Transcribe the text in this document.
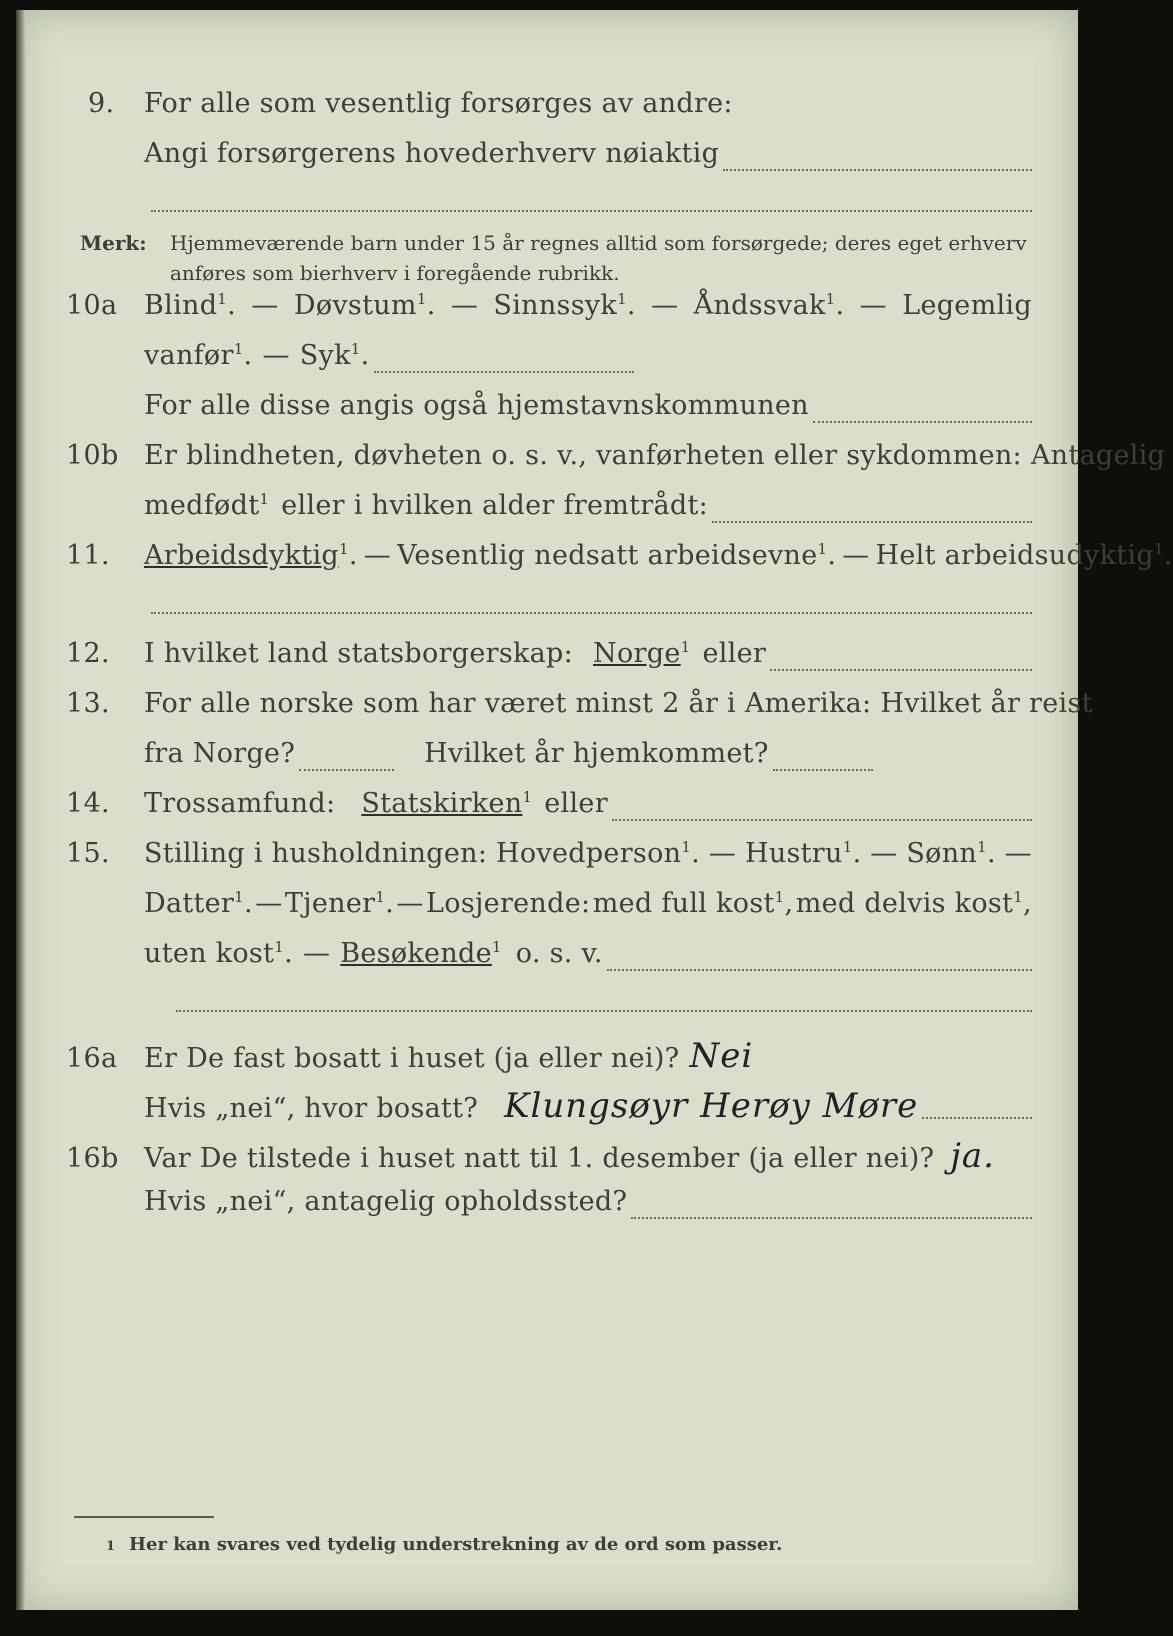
9.	For alle som vesentlig forsørges av andre:
Angi forsørgerens hovederhverv nøiaktig
Merk: Hjemmeværende barn under 15 år regnes alltid som forsørgede; deres eget erhverv
anføres som bierhverv i foregående rubrikk.
10a Blind$^1$. — Døvstum$^1$. — Sinnssyk$^1$. — Åndssvak$^1$. — Legemlig
vanfør$^1$. — Syk$^1$.
For alle disse angis også hjemstavnskommunen
10b Er blindheten, døvheten o. s. v., vanførheten eller sykdommen: Antagelig
medfødt$^1$ eller i hvilken alder fremtrådt:
11.	Arbeidsdyktig$^1$. — Vesentlig nedsatt arbeidsevne$^1$. — Helt arbeidsudyktig$^1$.
12.	I hvilket land statsborgerskap: Norge$^1$ eller
13.	For alle norske som har været minst 2 år i Amerika: Hvilket år reist
fra Norge?	Hvilket år hjemkommet?
14.	Trossamfund: Statskirken$^1$ eller
15.	Stilling i husholdningen: Hovedperson$^1$. — Hustru$^1$. — Sønn$^1$. —
Datter$^1$. — Tjener$^1$. — Losjerende: med full kost$^1$, med delvis kost$^1$,
uten kost$^1$. — Besøkende$^1$ o. s. v.
16a Er De fast bosatt i huset (ja eller nei)? Nei
Hvis „nei“, hvor bosatt? Klungsøyr Herøy Møre
16b Var De tilstede i huset natt til 1. desember (ja eller nei)? ja.
Hvis „nei“, antagelig opholdssted?
1 Her kan svares ved tydelig understrekning av de ord som passer.
